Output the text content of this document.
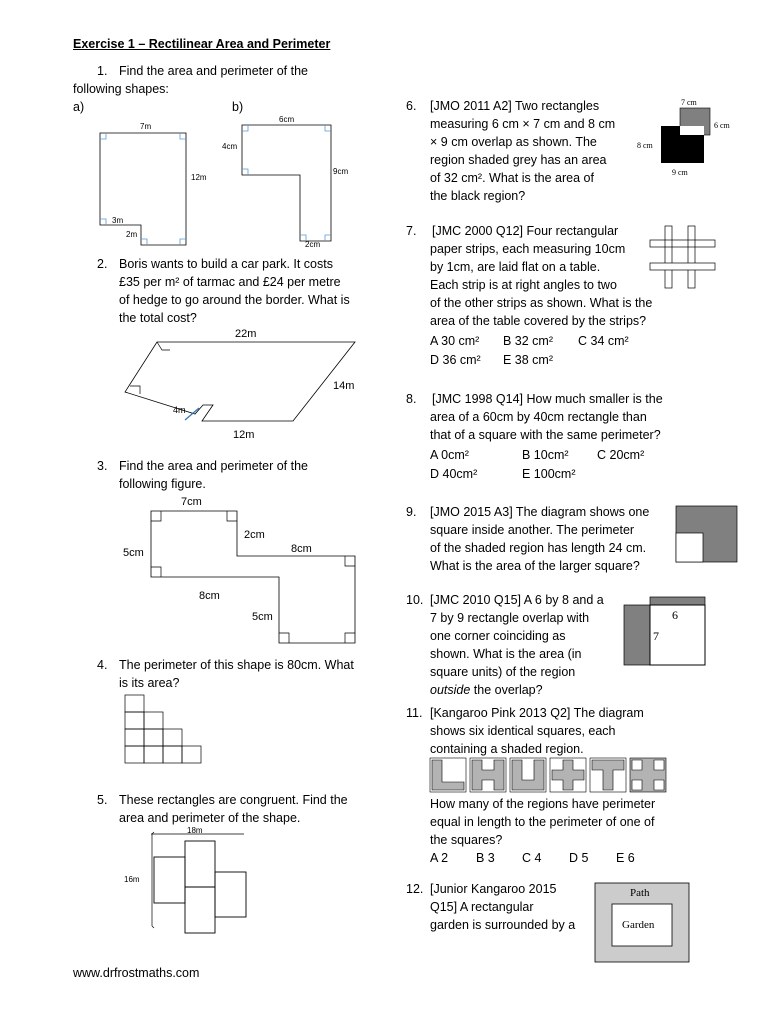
Exercise 1 – Rectilinear Area and Perimeter
1. Find the area and perimeter of the
following shapes:
a)	b)
7m
12m
3m
2m
6cm
4cm
9cm
2cm
2. Boris wants to build a car park. It costs
£35 per m² of tarmac and £24 per metre
of hedge to go around the border. What is
the total cost?
22m
14m
4m
12m
3. Find the area and perimeter of the
following figure.
7cm
5cm
2cm
8cm
8cm
5cm
4. The perimeter of this shape is 80cm. What
is its area?
5. These rectangles are congruent. Find the
area and perimeter of the shape.
18m
16m
6. [JMO 2011 A2] Two rectangles
measuring 6 cm × 7 cm and 8 cm
× 9 cm overlap as shown. The
region shaded grey has an area
of 32 cm². What is the area of
the black region?
7 cm
6 cm
8 cm
9 cm
7. [JMC 2000 Q12] Four rectangular
paper strips, each measuring 10cm
by 1cm, are laid flat on a table.
Each strip is at right angles to two
of the other strips as shown. What is the
area of the table covered by the strips?
A 30 cm² B 32 cm² C 34 cm²
D 36 cm² E 38 cm²
8. [JMC 1998 Q14] How much smaller is the
area of a 60cm by 40cm rectangle than
that of a square with the same perimeter?
A 0cm²	B 10cm² C 20cm²
D 40cm²	E 100cm²
9. [JMO 2015 A3] The diagram shows one
square inside another. The perimeter
of the shaded region has length 24 cm.
What is the area of the larger square?
10. [JMC 2010 Q15] A 6 by 8 and a
7 by 9 rectangle overlap with
one corner coinciding as
shown. What is the area (in
square units) of the region
outside the overlap?
6
7
11. [Kangaroo Pink 2013 Q2] The diagram
shows six identical squares, each
containing a shaded region.
How many of the regions have perimeter
equal in length to the perimeter of one of
the squares?
A 2 B 3 C 4 D 5 E 6
12. [Junior Kangaroo 2015
Q15] A rectangular
garden is surrounded by a
Path
Garden
www.drfrostmaths.com
